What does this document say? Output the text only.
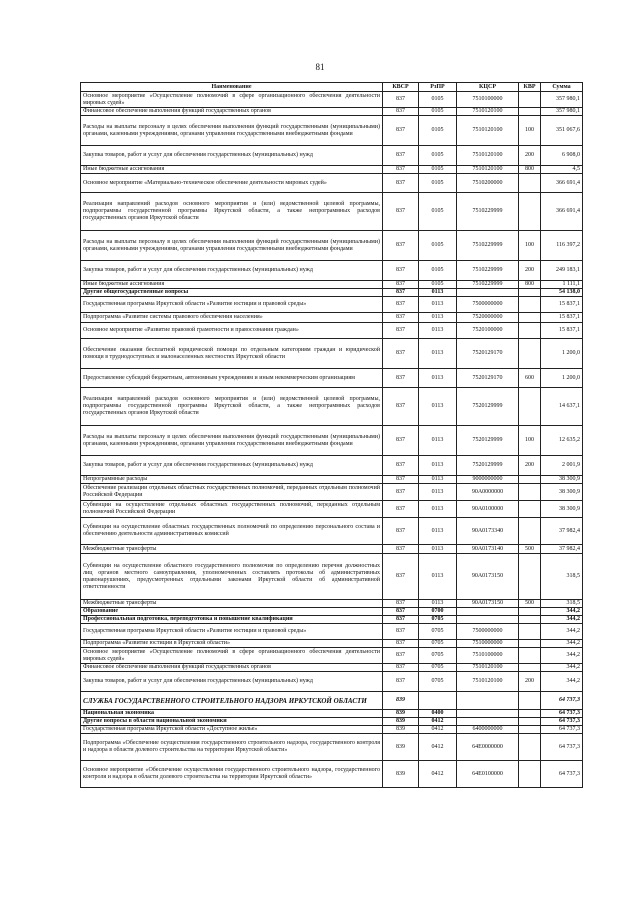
81
Наименование	КВСР	РзПР	КЦСР	КВР	Сумма
Основное мероприятие «Осуществление полномочий в сфере организационного обеспечения деятельности мировых судей»	837	0105	7510100000		357 980,1
Финансовое обеспечение выполнения функций государственных органов	837	0105	7510120100		357 980,1
Расходы на выплаты персоналу в целях обеспечения выполнения функций государственными (муниципальными) органами, казенными учреждениями, органами управления государственными внебюджетными фондами	837	0105	7510120100	100	351 067,6
Закупка товаров, работ и услуг для обеспечения государственных (муниципальных) нужд	837	0105	7510120100	200	6 908,0
Иные бюджетные ассигнования	837	0105	7510120100	800	4,5
Основное мероприятие «Материально-техническое обеспечение деятельности мировых судей»	837	0105	7510200000		366 691,4
Реализация направлений расходов основного мероприятия и (или) ведомственной целевой программы, подпрограммы государственной программы Иркутской области, а также непрограммных расходов государственных органов Иркутской области	837	0105	7510229999		366 691,4
Расходы на выплаты персоналу в целях обеспечения выполнения функций государственными (муниципальными) органами, казенными учреждениями, органами управления государственными внебюджетными фондами	837	0105	7510229999	100	116 397,2
Закупка товаров, работ и услуг для обеспечения государственных (муниципальных) нужд	837	0105	7510229999	200	249 183,1
Иные бюджетные ассигнования	837	0105	7510229999	800	1 111,1
Другие общегосударственные вопросы	837	0113			54 138,0
Государственная программа Иркутской области «Развитие юстиции и правовой среды»	837	0113	7500000000		15 837,1
Подпрограмма «Развитие системы правового обеспечения населения»	837	0113	7520000000		15 837,1
Основное мероприятие «Развитие правовой грамотности и правосознания граждан»	837	0113	7520100000		15 837,1
Обеспечение оказания бесплатной юридической помощи по отдельным категориям граждан и юридической помощи в труднодоступных и малонаселенных местностях Иркутской области	837	0113	7520129170		1 200,0
Предоставление субсидий бюджетным, автономным учреждениям и иным некоммерческим организациям	837	0113	7520129170	600	1 200,0
Реализация направлений расходов основного мероприятия и (или) ведомственной целевой программы, подпрограммы государственной программы Иркутской области, а также непрограммных расходов государственных органов Иркутской области	837	0113	7520129999		14 637,1
Расходы на выплаты персоналу в целях обеспечения выполнения функций государственными (муниципальными) органами, казенными учреждениями, органами управления государственными внебюджетными фондами	837	0113	7520129999	100	12 635,2
Закупка товаров, работ и услуг для обеспечения государственных (муниципальных) нужд	837	0113	7520129999	200	2 001,9
Непрограммные расходы	837	0113	9000000000		38 300,9
Обеспечение реализации отдельных областных государственных полномочий, переданных отдельным полномочий Российской Федерации	837	0113	90А0000000		38 300,9
Субвенции на осуществление отдельных областных государственных полномочий, переданных отдельным полномочий Российской Федерации	837	0113	90А0100000		38 300,9
Субвенции на осуществление областных государственных полномочий по определению персонального состава и обеспечению деятельности административных комиссий	837	0113	90А0173340		37 982,4
Межбюджетные трансферты	837	0113	90А0173140	500	37 982,4
Субвенции на осуществление областного государственного полномочия по определению перечня должностных лиц органов местного самоуправления, уполномоченных составлять протоколы об административных правонарушениях, предусмотренных отдельными законами Иркутской области об административной ответственности	837	0113	90А0173150		318,5
Межбюджетные трансферты	837	0113	90А0173150	500	318,5
Образование	837	0700			344,2
Профессиональная подготовка, переподготовка и повышение квалификации	837	0705			344,2
Государственная программа Иркутской области «Развитие юстиции и правовой среды»	837	0705	7500000000		344,2
Подпрограмма «Развитие юстиции в Иркутской области»	837	0705	7510000000		344,2
Основное мероприятие «Осуществление полномочий в сфере организационного обеспечения деятельности мировых судей»	837	0705	7510100000		344,2
Финансовое обеспечение выполнения функций государственных органов	837	0705	7510120100		344,2
Закупка товаров, работ и услуг для обеспечения государственных (муниципальных) нужд	837	0705	7510120100	200	344,2
СЛУЖБА ГОСУДАРСТВЕННОГО СТРОИТЕЛЬНОГО НАДЗОРА ИРКУТСКОЙ ОБЛАСТИ	839				64 737,3
Национальная экономика	839	0400			64 737,3
Другие вопросы в области национальной экономики	839	0412			64 737,3
Государственная программа Иркутской области «Доступное жилье»	839	0412	6400000000		64 737,3
Подпрограмма «Обеспечение осуществления государственного строительного надзора, государственного контроля и надзора в области долевого строительства на территории Иркутской области»	839	0412	64Е0000000		64 737,3
Основное мероприятие «Обеспечение осуществления государственного строительного надзора, государственного контроля и надзора в области долевого строительства на территории Иркутской области»	839	0412	64Е0100000		64 737,3
